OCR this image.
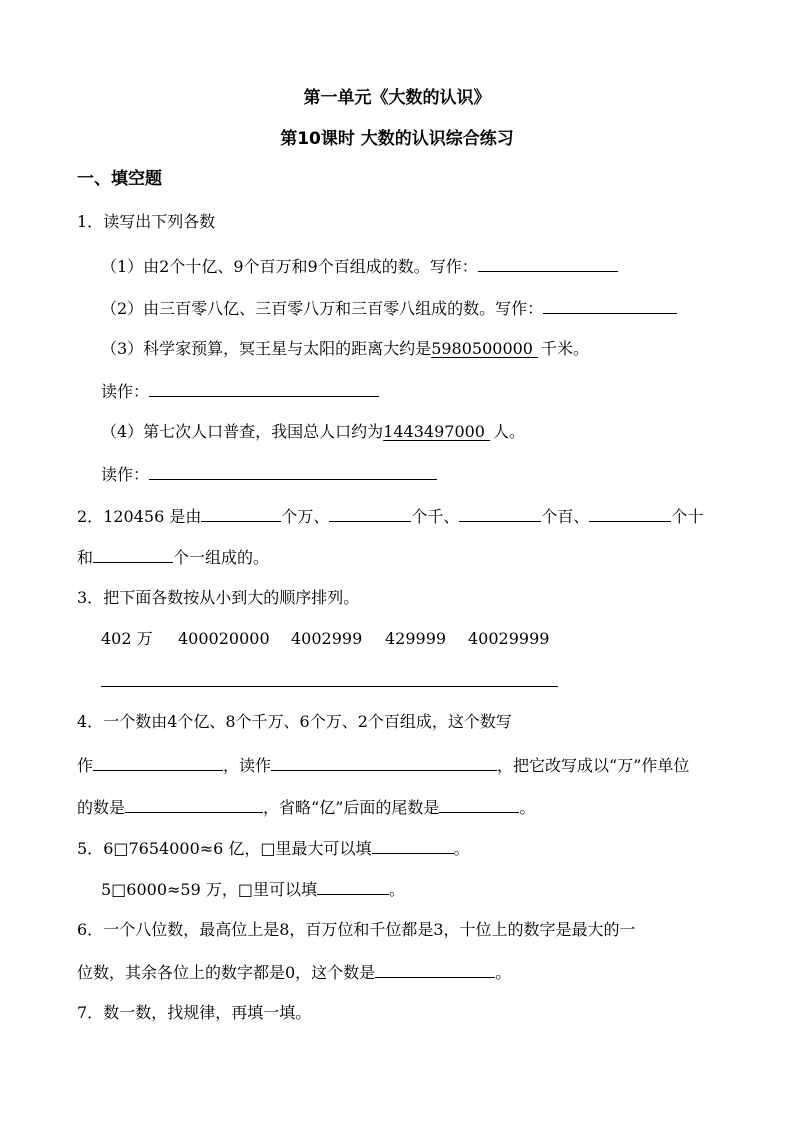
第一单元《大数的认识》
第10课时 大数的认识综合练习
一、填空题
1．读写出下列各数
（1）由2个十亿、9个百万和9个百组成的数。写作：
（2）由三百零八亿、三百零八万和三百零八组成的数。写作：
（3）科学家预算，冥王星与太阳的距离大约是5980500000 千米。
读作：
（4）第七次人口普查，我国总人口约为1443497000 人。
读作：
2．120456 是由	个万、	个千、	个百、	个十
和	个一组成的。
3．把下面各数按从小到大的顺序排列。
402 万 400020000 4002999 429999 40029999
4．一个数由4个亿、8个千万、6个万、2个百组成，这个数写
作	，读作	，把它改写成以“万”作单位
的数是	，省略“亿”后面的尾数是	。
5．6□7654000≈6 亿，□里最大可以填	。
5□6000≈59 万，□里可以填	。
6．一个八位数，最高位上是8，百万位和千位都是3，十位上的数字是最大的一
位数，其余各位上的数字都是0，这个数是	。
7．数一数，找规律，再填一填。
